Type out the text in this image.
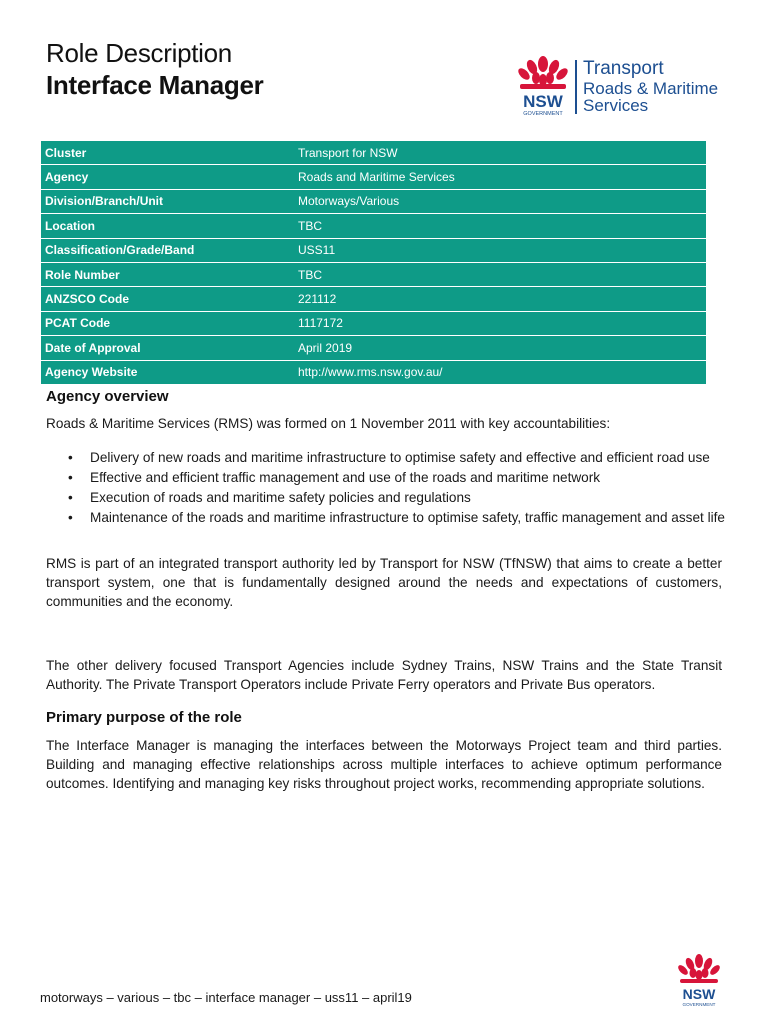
Role Description
Interface Manager
NSW
GOVERNMENT
Transport
Roads & Maritime
Services
Cluster	Transport for NSW
Agency	Roads and Maritime Services
Division/Branch/Unit	Motorways/Various
Location	TBC
Classification/Grade/Band	USS11
Role Number	TBC
ANZSCO Code	221112
PCAT Code	1117172
Date of Approval	April 2019
Agency Website	http://www.rms.nsw.gov.au/
Agency overview
Roads & Maritime Services (RMS) was formed on 1 November 2011 with key accountabilities:
• Delivery of new roads and maritime infrastructure to optimise safety and effective and efficient road use
• Effective and efficient traffic management and use of the roads and maritime network
• Execution of roads and maritime safety policies and regulations
• Maintenance of the roads and maritime infrastructure to optimise safety, traffic management and asset life
RMS is part of an integrated transport authority led by Transport for NSW (TfNSW) that aims to create a better transport system, one that is fundamentally designed around the needs and expectations of customers, communities and the economy.
The other delivery focused Transport Agencies include Sydney Trains, NSW Trains and the State Transit Authority. The Private Transport Operators include Private Ferry operators and Private Bus operators.
Primary purpose of the role
The Interface Manager is managing the interfaces between the Motorways Project team and third parties. Building and managing effective relationships across multiple interfaces to achieve optimum performance outcomes. Identifying and managing key risks throughout project works, recommending appropriate solutions.
motorways – various – tbc – interface manager – uss11 – april19	NSW
GOVERNMENT
